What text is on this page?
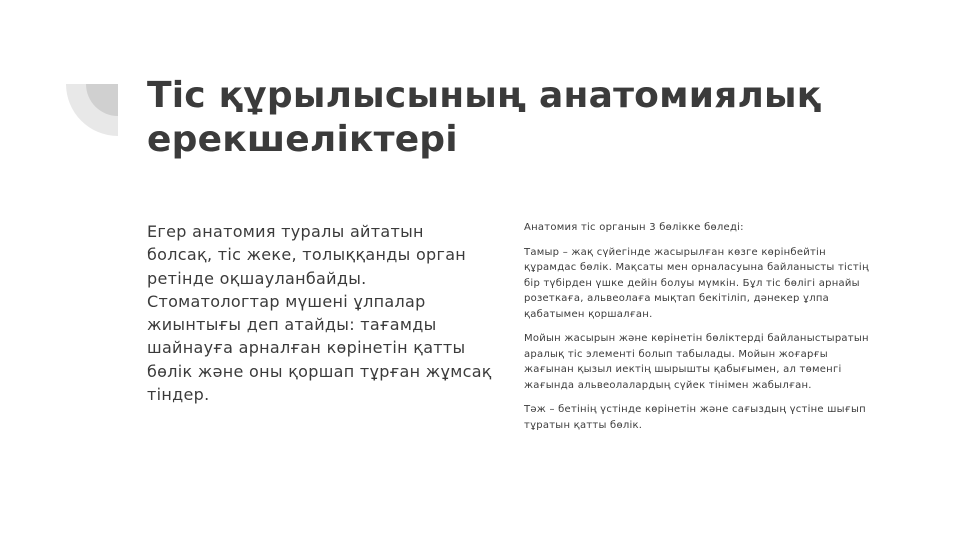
Тіс құрылысының анатомиялық ерекшеліктері

Егер анатомия туралы айтатын болсақ, тіс жеке, толыққанды орган ретінде оқшауланбайды. Стоматологтар мүшені ұлпалар жиынтығы деп атайды: тағамды шайнауға арналған көрінетін қатты бөлік және оны қоршап тұрған жұмсақ тіндер.

Анатомия тіс органын 3 бөлікке бөледі:

Тамыр – жақ сүйегінде жасырылған көзге көрінбейтін құрамдас бөлік. Мақсаты мен орналасуына байланысты тістің бір түбірден үшке дейін болуы мүмкін. Бұл тіс бөлігі арнайы розеткаға, альвеолаға мықтап бекітіліп, дәнекер ұлпа қабатымен қоршалған.

Мойын жасырын және көрінетін бөліктерді байланыстыратын аралық тіс элементі болып табылады. Мойын жоғарғы жағынан қызыл иектің шырышты қабығымен, ал төменгі жағында альвеолалардың сүйек тінімен жабылған.

Тәж – бетінің үстінде көрінетін және сағыздың үстіне шығып тұратын қатты бөлік.
